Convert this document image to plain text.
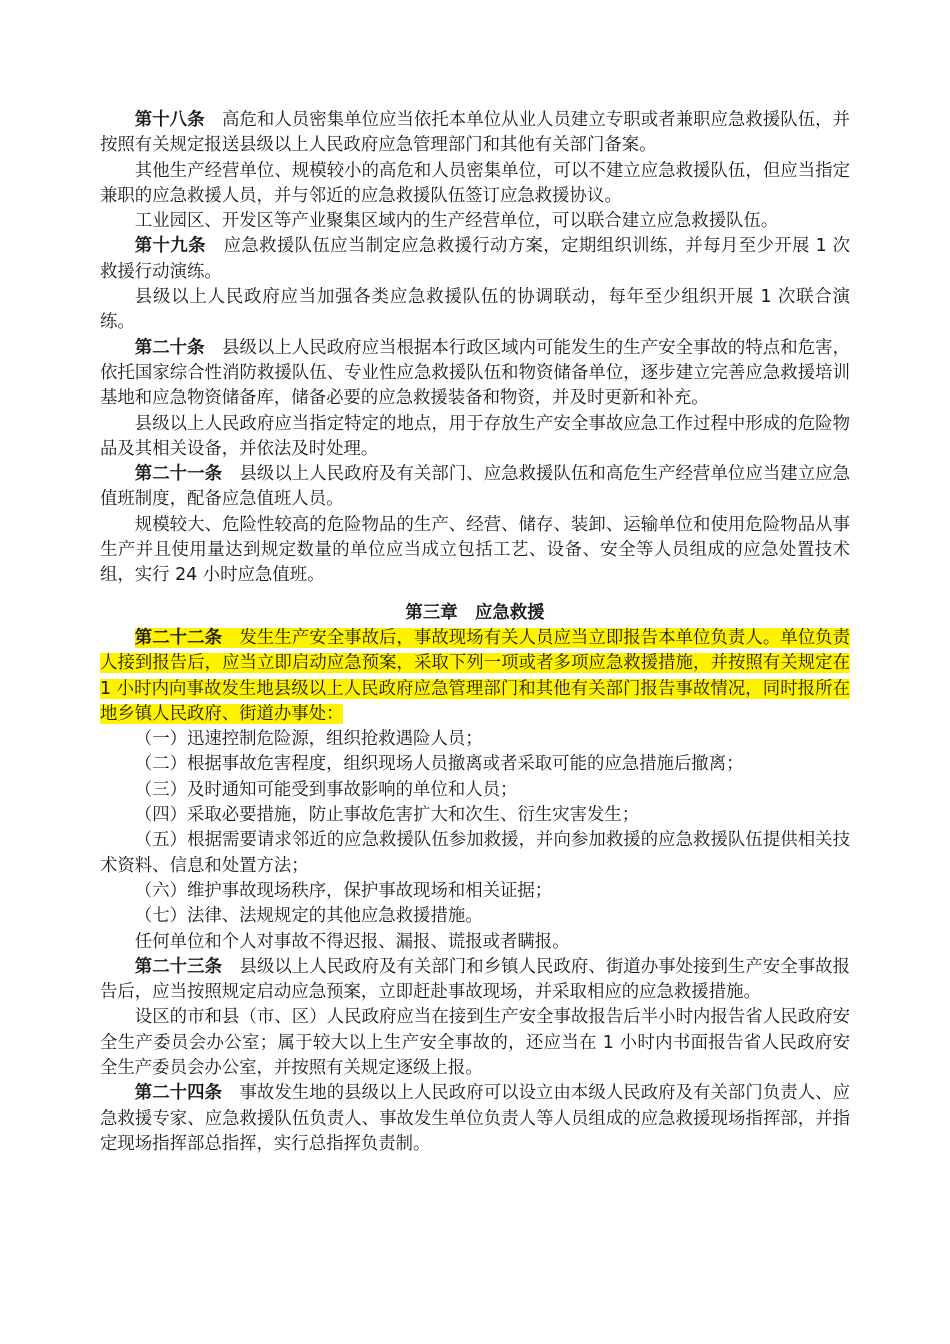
第十八条 高危和人员密集单位应当依托本单位从业人员建立专职或者兼职应急救援队伍，并按照有关规定报送县级以上人民政府应急管理部门和其他有关部门备案。

其他生产经营单位、规模较小的高危和人员密集单位，可以不建立应急救援队伍，但应当指定兼职的应急救援人员，并与邻近的应急救援队伍签订应急救援协议。

工业园区、开发区等产业聚集区域内的生产经营单位，可以联合建立应急救援队伍。

第十九条 应急救援队伍应当制定应急救援行动方案，定期组织训练，并每月至少开展 1 次救援行动演练。

县级以上人民政府应当加强各类应急救援队伍的协调联动，每年至少组织开展 1 次联合演练。

第二十条 县级以上人民政府应当根据本行政区域内可能发生的生产安全事故的特点和危害，依托国家综合性消防救援队伍、专业性应急救援队伍和物资储备单位，逐步建立完善应急救援培训基地和应急物资储备库，储备必要的应急救援装备和物资，并及时更新和补充。

县级以上人民政府应当指定特定的地点，用于存放生产安全事故应急工作过程中形成的危险物品及其相关设备，并依法及时处理。

第二十一条 县级以上人民政府及有关部门、应急救援队伍和高危生产经营单位应当建立应急值班制度，配备应急值班人员。

规模较大、危险性较高的危险物品的生产、经营、储存、装卸、运输单位和使用危险物品从事生产并且使用量达到规定数量的单位应当成立包括工艺、设备、安全等人员组成的应急处置技术组，实行 24 小时应急值班。

第三章 应急救援

第二十二条 发生生产安全事故后，事故现场有关人员应当立即报告本单位负责人。单位负责人接到报告后，应当立即启动应急预案，采取下列一项或者多项应急救援措施，并按照有关规定在 1 小时内向事故发生地县级以上人民政府应急管理部门和其他有关部门报告事故情况，同时报所在地乡镇人民政府、街道办事处：

（一）迅速控制危险源，组织抢救遇险人员；

（二）根据事故危害程度，组织现场人员撤离或者采取可能的应急措施后撤离；

（三）及时通知可能受到事故影响的单位和人员；

（四）采取必要措施，防止事故危害扩大和次生、衍生灾害发生；

（五）根据需要请求邻近的应急救援队伍参加救援，并向参加救援的应急救援队伍提供相关技术资料、信息和处置方法；

（六）维护事故现场秩序，保护事故现场和相关证据；

（七）法律、法规规定的其他应急救援措施。

任何单位和个人对事故不得迟报、漏报、谎报或者瞒报。

第二十三条 县级以上人民政府及有关部门和乡镇人民政府、街道办事处接到生产安全事故报告后，应当按照规定启动应急预案，立即赶赴事故现场，并采取相应的应急救援措施。

设区的市和县（市、区）人民政府应当在接到生产安全事故报告后半小时内报告省人民政府安全生产委员会办公室；属于较大以上生产安全事故的，还应当在 1 小时内书面报告省人民政府安全生产委员会办公室，并按照有关规定逐级上报。

第二十四条 事故发生地的县级以上人民政府可以设立由本级人民政府及有关部门负责人、应急救援专家、应急救援队伍负责人、事故发生单位负责人等人员组成的应急救援现场指挥部，并指定现场指挥部总指挥，实行总指挥负责制。
